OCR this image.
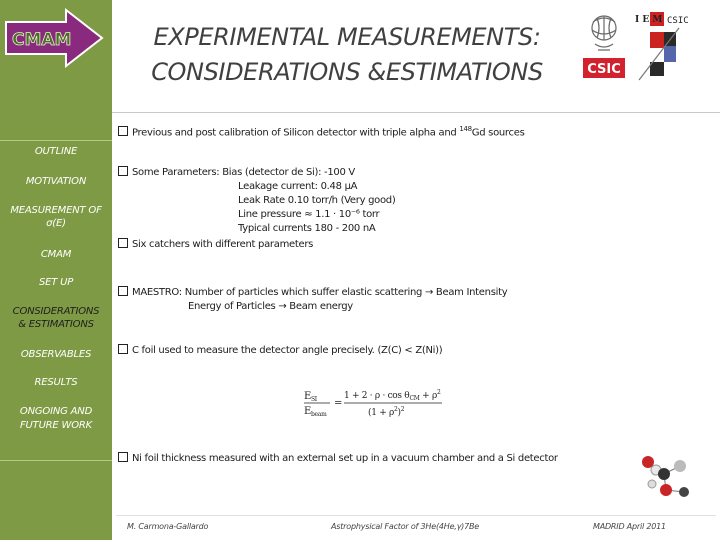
CMAM
OUTLINE
MOTIVATION
MEASUREMENT OF
σ(E)
CMAM
SET UP
CONSIDERATIONS
& ESTIMATIONS
OBSERVABLES
RESULTS
ONGOING AND
FUTURE WORK
EXPERIMENTAL MEASUREMENTS:
CONSIDERATIONS &ESTIMATIONS	CSIC
I E M CSIC
Previous and post calibration of Silicon detector with triple alpha and $^{148}$Gd sources
Some Parameters: Bias (detector de Si): -100 V
Leakage current: 0.48 μA
Leak Rate 0.10 torr/h (Very good)
Line pressure ≈ 1.1 · 10⁻⁶ torr
Typical currents 180 - 200 nA
Six catchers with different parameters
MAESTRO: Number of particles which suffer elastic scattering → Beam Intensity
Energy of Particles → Beam energy
C foil used to measure the detector angle precisely. (Z(C) < Z(Ni))
$E_{SI}$
$E_{beam}$
=
$1 + 2 \cdot \rho \cdot \cos \theta_{CM} + \rho^2$
$(1 + \rho^2)^2$
Ni foil thickness measured with an external set up in a vacuum chamber and a Si detector
M. Carmona-Gallardo	Astrophysical Factor of 3He(4He,γ)7Be	MADRID April 2011
